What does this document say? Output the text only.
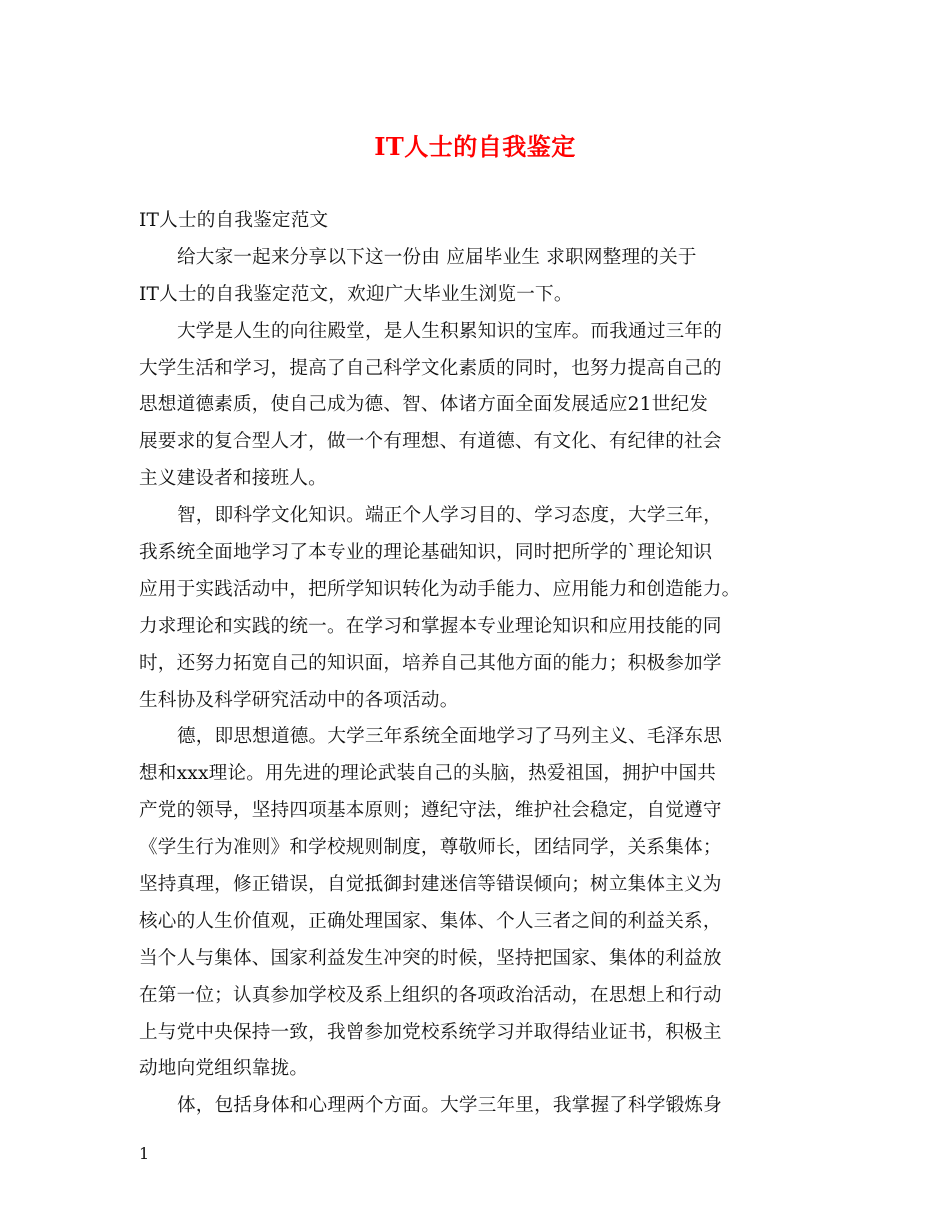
IT人士的自我鉴定
IT人士的自我鉴定范文
给大家一起来分享以下这一份由 应届毕业生 求职网整理的关于
IT人士的自我鉴定范文，欢迎广大毕业生浏览一下。
大学是人生的向往殿堂，是人生积累知识的宝库。而我通过三年的
大学生活和学习，提高了自己科学文化素质的同时，也努力提高自己的
思想道德素质，使自己成为德、智、体诸方面全面发展适应21世纪发
展要求的复合型人才，做一个有理想、有道德、有文化、有纪律的社会
主义建设者和接班人。
智，即科学文化知识。端正个人学习目的、学习态度，大学三年，
我系统全面地学习了本专业的理论基础知识，同时把所学的`理论知识
应用于实践活动中，把所学知识转化为动手能力、应用能力和创造能力。
力求理论和实践的统一。在学习和掌握本专业理论知识和应用技能的同
时，还努力拓宽自己的知识面，培养自己其他方面的能力；积极参加学
生科协及科学研究活动中的各项活动。
德，即思想道德。大学三年系统全面地学习了马列主义、毛泽东思
想和xxx理论。用先进的理论武装自己的头脑，热爱祖国，拥护中国共
产党的领导，坚持四项基本原则；遵纪守法，维护社会稳定，自觉遵守
《学生行为准则》和学校规则制度，尊敬师长，团结同学，关系集体；
坚持真理，修正错误，自觉抵御封建迷信等错误倾向；树立集体主义为
核心的人生价值观，正确处理国家、集体、个人三者之间的利益关系，
当个人与集体、国家利益发生冲突的时候，坚持把国家、集体的利益放
在第一位；认真参加学校及系上组织的各项政治活动，在思想上和行动
上与党中央保持一致，我曾参加党校系统学习并取得结业证书，积极主
动地向党组织靠拢。
体，包括身体和心理两个方面。大学三年里，我掌握了科学锻炼身
1
